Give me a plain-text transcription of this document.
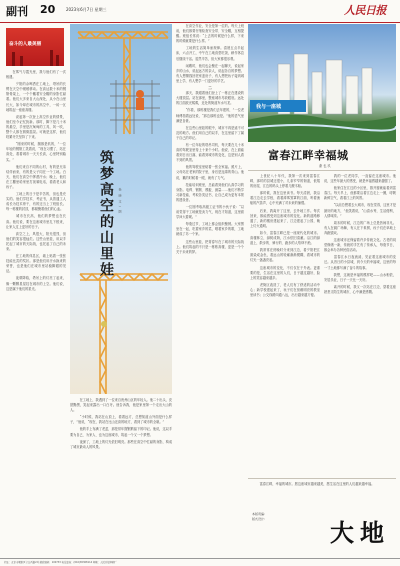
副刊 20	2023年6月7日 星期三	人民日报
奋斗的人最美丽

在雾气与霞光里，我与他们有了一次相遇。

　夕阳的余晖洒在工地上，塔吊的长臂在天空中缓缓移动。在高达数十米的钢筋骨架上，一个个戴着安全帽的身影忙碌着。他们大多来自大山深处，从小在山里长大，如今却在城市的高空中，一砖一瓦地筑起一座座高楼。

　说起第一次登上高空作业的情景，他们至今记忆犹新。那时，脚下是几十米的悬空，手里是沉甸甸的工具，风一吹，整个人都在微微摇晃。可就是这样，他们咬紧牙关坚持了下来。

　“刚来的时候，腿都是软的，”一位年轻的钢筋工笑着说，“现在习惯了，站在高处，看着城市一天天长高，心里特别踏实。”

　他们来自不同的山村，有的是兄弟结伴而来，有的是父子同在一个工地。白天，他们在高空中挥洒汗水；晚上，他们在工棚里给家里打视频电话，看看老人和孩子。

　工地上的日子是辛苦的，但也是充实的。他们学技术、考证书，从普通工人成长为技术骨干，有的还当上了班组长。每一栋楼的封顶，都凝聚着他们的心血。

　城市在长高，他们的梦想也在长高。他们说，要在这座城市里扎下根来，让家人过上更好的日子。

　高空之上，风很大，阳光很烈，但他们的笑容很灿烂。这些山里娃，用双手托起了城市的天际线，也托起了自己的未来。

　在工地的休息区，墙上贴着一张张技能比武的奖状。那是他们用汗水换来的荣誉，也是他们在城市里站稳脚跟的见证。

　夜幕降临，塔吊上的灯亮了起来，像一颗颗星星挂在城市的上空。他们说，这是属于他们的星光。

筑梦高空的山里娃	杨 晓 文 / 图

　在工地上，我遇到了一位来自贵州山区的年轻人。他二十出头，皮肤黝黑，笑起来露出一口白牙。他告诉我，他是家里第一个走出大山的人。

　“小时候，我站在山顶上，看着远方，总想知道山外面是什么样子，”他说，“现在，我站在比山还高的地方，看到了城市的全貌。”

　他的手上布满了老茧，那是常年握钢筋留下的印记。他说，这双手要为自己、为家人、也为这座城市，筑起一个又一个梦想。

　夜深了，工地上的灯光依旧明亮。那些在高空中忙碌的身影，构成了城市最动人的风景。

　在高空作业，安全是第一位的。每天上班前，他们都要仔细检查安全带、安全帽，互相提醒。班组长常说：“上去的时候是什么样，下来的时候就要是什么样。”

　工地的生活简单而规律。清晨五点半起床，六点开工，中午在工地食堂吃饭，稍作休息后继续干活。虽然辛苦，但大家都很乐观。

　闲暇时，他们也会聚在一起聊天，说起家乡的山水，说起远方的亲人，说起各自的梦想。有人想攒钱回老家盖房子，有人想把孩子接到城里上学，有人想学一门更好的手艺。

二

　那天，我跟着他们登上了一栋正在建设的大楼顶层。站在那里，整座城市尽收眼底。远处的江面波光粼粼，近处的街道车水马龙。

　“你看，那栋楼是我们去年建的，”一位老师傅指着远处说，“那边那栋也是。”他的语气里满是自豪。

　在这些山里娃的眼中，城市不再是遥不可及的地方。他们用自己的双手，在这里留下了属于自己的印记。

　有一位年轻的塔吊司机，每天要在几十米高的驾驶室里待上十来个小时。他说，在上面能看到日出日落，能看到城市的变化，这是别人看不到的风景。

　他的驾驶室里贴着一张全家福。照片上，父母站在老家的院子里，身后是连绵的青山。他说，累的时候看一眼，就有了力气。

　技能培训班里，总能看到他们认真学习的身影。电焊、钢筋、模板、测量……他们不断学习新技能，考取各类证书，让自己成为更有本领的建设者。

　一位刚考取高级工证书的小伙子说：“以前觉得干工地就是卖力气，现在才知道，这里面学问大着呢。”

　每逢过节，工地上都会组织聚餐。大家围坐在一起，吃着家乡的菜，唱着家乡的歌，工地就成了另一个家。

　这些山里娃，把青春写在了城市的天际线上。他们筑起的不只是一栋栋高楼，更是一个个关于未来的梦。

我与一座城
富春江畔幸福城
谢 也 玖

　上世纪八十年代，我第一次来到富春江畔，那时的县城还很小，几条窄窄的街道，低矮的房屋，江边的码头上停着几艘木船。

　那时候，我在这里读书。每天清晨，我沿着江边走去学校，看着薄雾笼罩的江面，听着渔船的汽笛声，心中充满了对未来的憧憬。

　后来，我离开了这里，去外地工作。每次回来，都能感受到这座城市的变化。新的道路修通了，新的楼房建起来了，江边建起了公园，晚上灯火通明。

　如今，富春江畔已是一座现代化的城市。高楼林立，绿树成荫，江水依旧清澈。沿江的绿道上，散步的、骑行的、跑步的人络绎不绝。

　我常常在傍晚时分来到江边，看夕阳把江面染成金色，看远山的轮廓渐渐模糊，看城市的灯光一盏盏亮起。

　这座城市的变化，不仅仅在于外表。更重要的是，生活在这里的人们，日子越过越好，脸上的笑容越来越多。

　老街区改造了，老人们有了舒适的活动中心；新学校建起来了，孩子们在宽敞明亮的教室里读书；公交线路四通八达，出行越来越方便。

　我的一位老同学，一直留在这座城市。他说，这些年最大的感受，就是幸福感越来越强了。

　他家住在江边的小区里，推开窗就能看到富春江。每天早上，他都要沿着江边走上一圈，呼吸新鲜空气，看看江上的风景。

　“以前总想着去大城市，现在觉得，这里才是最好的地方，”他笑着说，“山清水秀，生活便利，人情味浓。”

　周末的时候，江边的广场上总是热闹非凡。有人在跳广场舞，有人在下象棋，孩子们在草地上奔跑嬉戏。

　这座城市还保留着许多传统文化。古老的祠堂修缮一新，传统的手艺有了传承人，每逢节日，都会举办各种民俗活动。

　富春江水日夜流淌，见证着这座城市的变迁。从昔日的小县城，到今天的幸福城，这里的每一寸土地都写满了奋斗的故事。

　我想，这就是幸福的模样吧——山水相依，安居乐业，日子一天比一天好。

　离开的时候，我又一次站在江边，望着这座熟悉又陌生的城市，心中满是感慨。

　富春江畔，幸福的城市。愿这座城市越来越美，愿生活在这里的人们越来越幸福。

本版责编：
版式设计：	大地
社址：北京市朝阳区金台西路2号 邮政编码：100733 电话查询：(010)65368114 印刷：人民日报印刷厂
